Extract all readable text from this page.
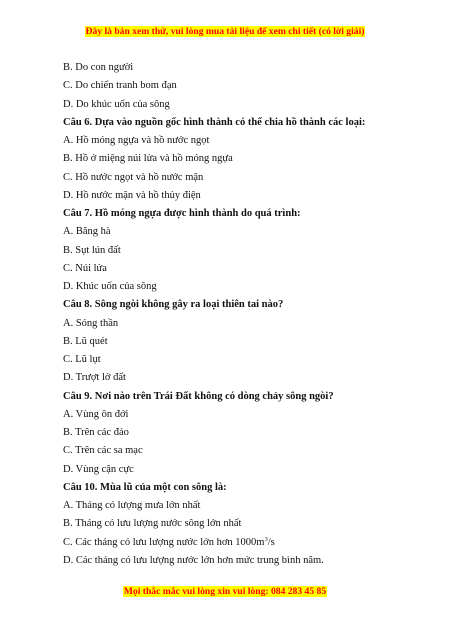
Đây là bản xem thử, vui lòng mua tài liệu để xem chi tiết (có lời giải)
B. Do con người
C. Do chiến tranh bom đạn
D. Do khúc uốn của sông
Câu 6. Dựa vào nguồn gốc hình thành có thể chia hồ thành các loại:
A. Hồ móng ngựa và hồ nước ngọt
B. Hồ ở miệng núi lửa và hồ móng ngựa
C. Hồ nước ngọt và hồ nước mặn
D. Hồ nước mặn và hồ thủy điện
Câu 7. Hồ móng ngựa được hình thành do quá trình:
A. Băng hà
B. Sụt lún đất
C. Núi lửa
D. Khúc uốn của sông
Câu 8. Sông ngòi không gây ra loại thiên tai nào?
A. Sóng thần
B. Lũ quét
C. Lũ lụt
D. Trượt lở đất
Câu 9. Nơi nào trên Trái Đất không có dòng chảy sông ngòi?
A. Vùng ôn đới
B. Trên các đảo
C. Trên các sa mạc
D. Vùng cận cực
Câu 10. Mùa lũ của một con sông là:
A. Tháng có lượng mưa lớn nhất
B. Tháng có lưu lượng nước sông lớn nhất
C. Các tháng có lưu lượng nước lớn hơn $1000m^3/s$
D. Các tháng có lưu lượng nước lớn hơn mức trung bình năm.
Mọi thắc mắc vui lòng xin vui lòng: 084 283 45 85
